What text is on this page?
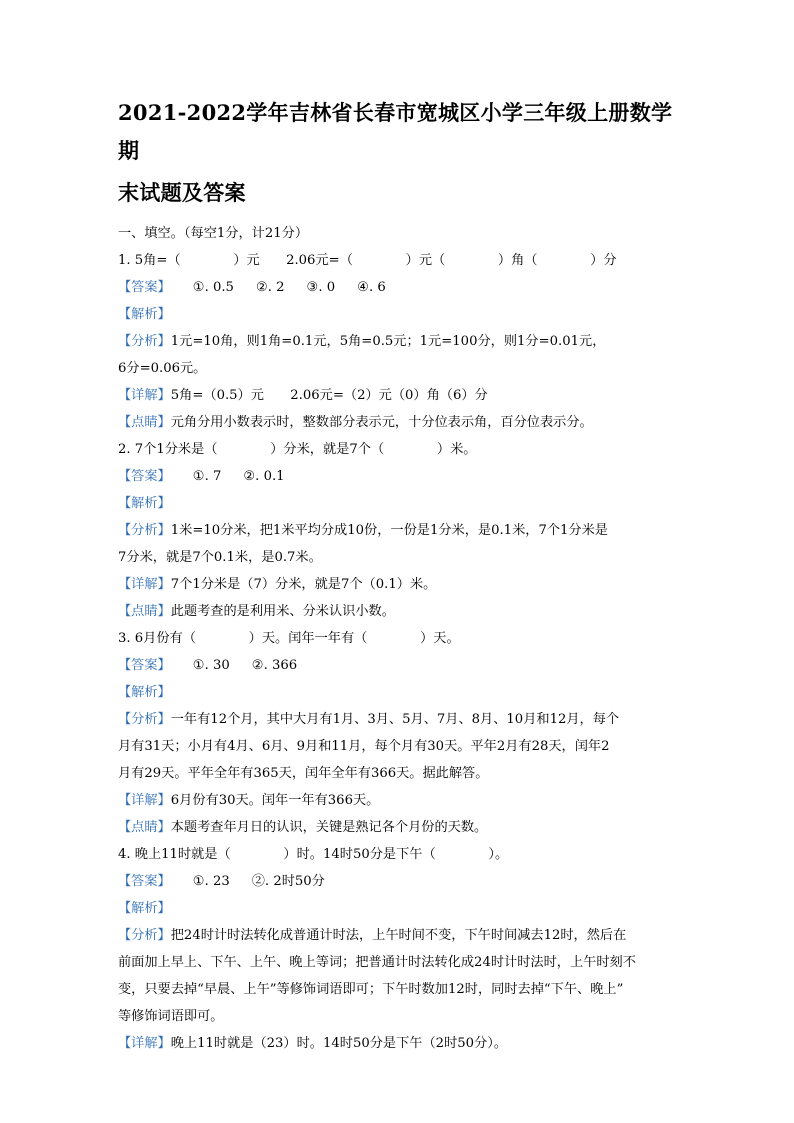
2021-2022学年吉林省长春市宽城区小学三年级上册数学期
末试题及答案
一、填空。（每空1分，计21分）
1. 5角=（　　　　）元　　2.06元=（　　　　）元（　　　　）角（　　　　）分
【答案】 ①. 0.5 ②. 2 ③. 0 ④. 6
【解析】
【分析】1元=10角，则1角=0.1元，5角=0.5元；1元=100分，则1分=0.01元，
6分=0.06元。
【详解】5角=（0.5）元　　2.06元=（2）元（0）角（6）分
【点睛】元角分用小数表示时，整数部分表示元，十分位表示角，百分位表示分。
2. 7个1分米是（　　　　）分米，就是7个（　　　　）米。
【答案】 ①. 7 ②. 0.1
【解析】
【分析】1米=10分米，把1米平均分成10份，一份是1分米，是0.1米，7个1分米是
7分米，就是7个0.1米，是0.7米。
【详解】7个1分米是（7）分米，就是7个（0.1）米。
【点睛】此题考查的是利用米、分米认识小数。
3. 6月份有（　　　　）天。闰年一年有（　　　　）天。
【答案】 ①. 30 ②. 366
【解析】
【分析】一年有12个月，其中大月有1月、3月、5月、7月、8月、10月和12月，每个
月有31天；小月有4月、6月、9月和11月，每个月有30天。平年2月有28天，闰年2
月有29天。平年全年有365天，闰年全年有366天。据此解答。
【详解】6月份有30天。闰年一年有366天。
【点睛】本题考查年月日的认识，关键是熟记各个月份的天数。
4. 晚上11时就是（　　　　）时。14时50分是下午（　　　　）。
【答案】 ①. 23 ②. 2时50分
【解析】
【分析】把24时计时法转化成普通计时法，上午时间不变，下午时间减去12时，然后在
前面加上早上、下午、上午、晚上等词；把普通计时法转化成24时计时法时，上午时刻不
变，只要去掉“早晨、上午”等修饰词语即可；下午时数加12时，同时去掉“下午、晚上”
等修饰词语即可。
【详解】晚上11时就是（23）时。14时50分是下午（2时50分）。
